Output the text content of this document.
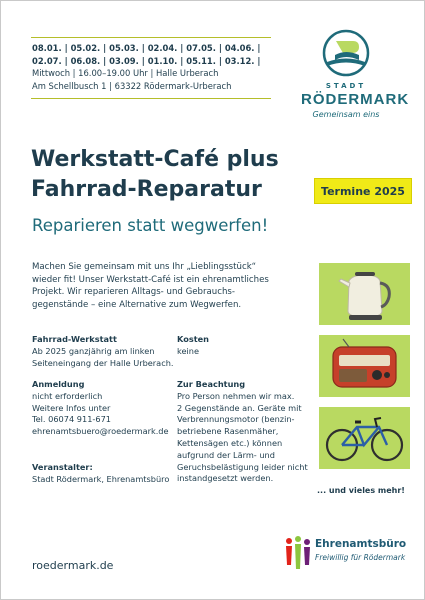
08.01. | 05.02. | 05.03. | 02.04. | 07.05. | 04.06. |
02.07. | 06.08. | 03.09. | 01.10. | 05.11. | 03.12. |
Mittwoch | 16.00–19.00 Uhr | Halle Urberach
Am Schellbusch 1 | 63322 Rödermark-Urberach	STADT
RÖDERMARK
Gemeinsam eins
Werkstatt-Café plus
Fahrrad-Reparatur
Reparieren statt wegwerfen!
Termine 2025
Machen Sie gemeinsam mit uns Ihr „Lieblingsstück“
wieder fit! Unser Werkstatt-Café ist ein ehrenamtliches
Projekt. Wir reparieren Alltags- und Gebrauchs-
gegenstände – eine Alternative zum Wegwerfen.
Fahrrad-Werkstatt
Ab 2025 ganzjährig am linken
Seiteneingang der Halle Urberach.
Kosten
keine
Anmeldung
nicht erforderlich
Weitere Infos unter
Tel. 06074 911-671
ehrenamtsbuero@roedermark.de
Zur Beachtung
Pro Person nehmen wir max.
2 Gegenstände an. Geräte mit
Verbrennungsmotor (benzin-
betriebene Rasenmäher,
Kettensägen etc.) können
aufgrund der Lärm- und
Geruchsbelästigung leider nicht
instandgesetzt werden.
Veranstalter:
Stadt Rödermark, Ehrenamtsbüro
... und vieles mehr!
roedermark.de
Ehrenamtsbüro
Freiwillig für Rödermark
